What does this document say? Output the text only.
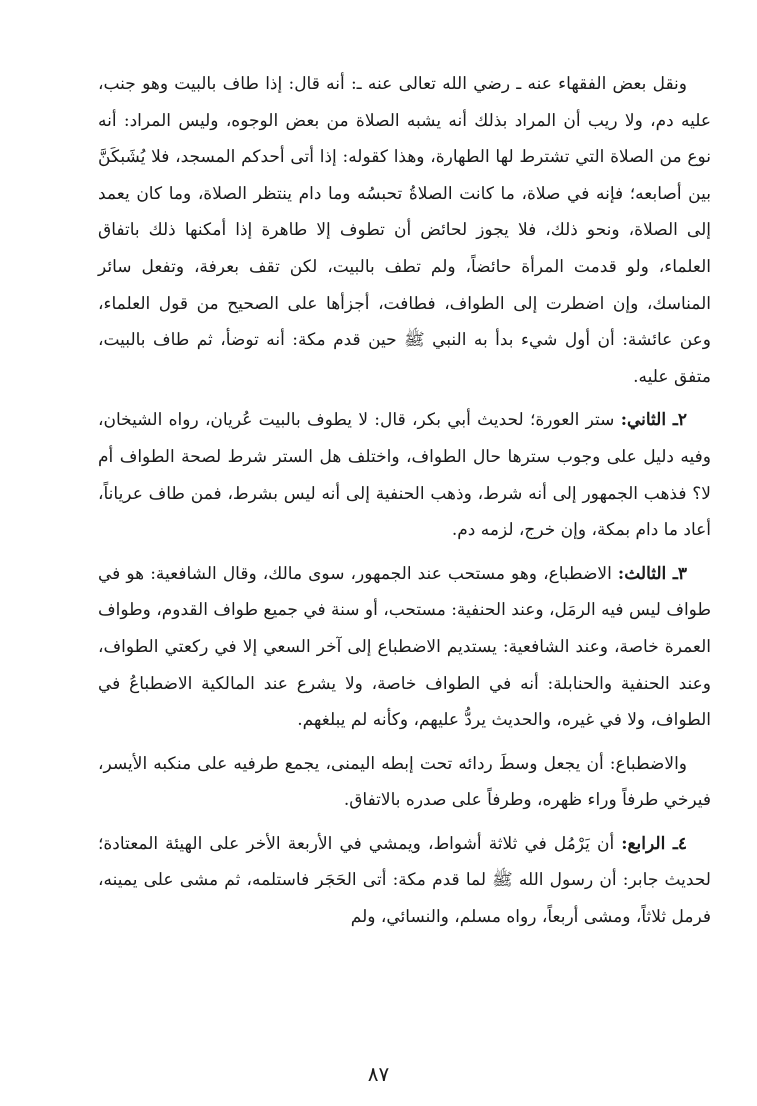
ونقل بعض الفقهاء عنه ـ رضي الله تعالى عنه ـ: أنه قال: إذا طاف بالبيت وهو جنب، عليه دم، ولا ريب أن المراد بذلك أنه يشبه الصلاة من بعض الوجوه، وليس المراد: أنه نوع من الصلاة التي تشترط لها الطهارة، وهذا كقوله: إذا أتى أحدكم المسجد، فلا يُشَبكَنَّ بين أصابعه؛ فإنه في صلاة، ما كانت الصلاةُ تحبسُه وما دام ينتظر الصلاة، وما كان يعمد إلى الصلاة، ونحو ذلك، فلا يجوز لحائض أن تطوف إلا طاهرة إذا أمكنها ذلك باتفاق العلماء، ولو قدمت المرأة حائضاً، ولم تطف بالبيت، لكن تقف بعرفة، وتفعل سائر المناسك، وإن اضطرت إلى الطواف، فطافت، أجزأها على الصحيح من قول العلماء، وعن عائشة: أن أول شيء بدأ به النبي ﷺ حين قدم مكة: أنه توضأ، ثم طاف بالبيت، متفق عليه.

٢ـ الثاني: ستر العورة؛ لحديث أبي بكر، قال: لا يطوف بالبيت عُريان، رواه الشيخان، وفيه دليل على وجوب سترها حال الطواف، واختلف هل الستر شرط لصحة الطواف أم لا؟ فذهب الجمهور إلى أنه شرط، وذهب الحنفية إلى أنه ليس بشرط، فمن طاف عرياناً، أعاد ما دام بمكة، وإن خرج، لزمه دم.

٣ـ الثالث: الاضطباع، وهو مستحب عند الجمهور، سوى مالك، وقال الشافعية: هو في طواف ليس فيه الرمَل، وعند الحنفية: مستحب، أو سنة في جميع طواف القدوم، وطواف العمرة خاصة، وعند الشافعية: يستديم الاضطباع إلى آخر السعي إلا في ركعتي الطواف، وعند الحنفية والحنابلة: أنه في الطواف خاصة، ولا يشرع عند المالكية الاضطباعُ في الطواف، ولا في غيره، والحديث يردُّ عليهم، وكأنه لم يبلغهم.

والاضطباع: أن يجعل وسطَ ردائه تحت إبطه اليمنى، يجمع طرفيه على منكبه الأيسر، فيرخي طرفاً وراء ظهره، وطرفاً على صدره بالاتفاق.

٤ـ الرابع: أن يَرْمُل في ثلاثة أشواط، ويمشي في الأربعة الأخر على الهيئة المعتادة؛ لحديث جابر: أن رسول الله ﷺ لما قدم مكة: أتى الحَجَر فاستلمه، ثم مشى على يمينه، فرمل ثلاثاً، ومشى أربعاً، رواه مسلم، والنسائي، ولم

٨٧
